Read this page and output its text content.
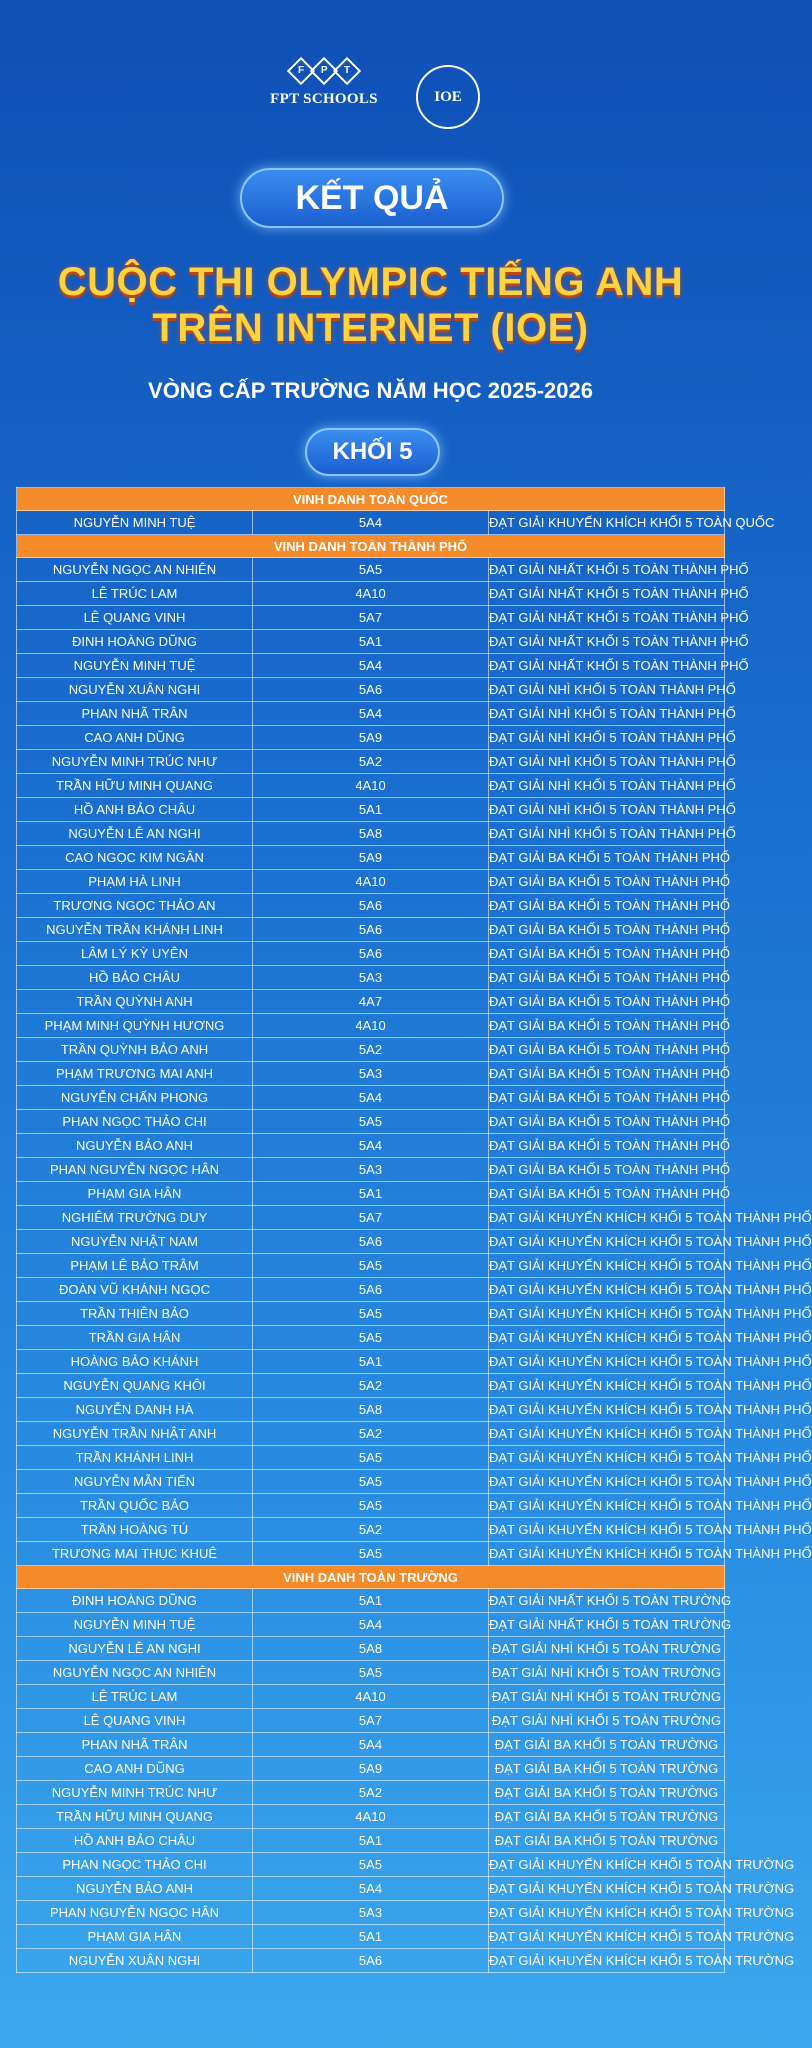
F	P	T
FPT SCHOOLS	IOE
KẾT QUẢ
CUỘC THI OLYMPIC TIẾNG ANH
TRÊN INTERNET (IOE)
VÒNG CẤP TRƯỜNG NĂM HỌC 2025-2026
KHỐI 5
VINH DANH TOÀN QUỐC		
NGUYỄN MINH TUỆ	5A4	ĐẠT GIẢI KHUYẾN KHÍCH KHỐI 5 TOÀN QUỐC
VINH DANH TOÀN THÀNH PHỐ		
NGUYỄN NGỌC AN NHIÊN	5A5	ĐẠT GIẢI NHẤT KHỐI 5 TOÀN THÀNH PHỐ
LÊ TRÚC LAM	4A10	ĐẠT GIẢI NHẤT KHỐI 5 TOÀN THÀNH PHỐ
LÊ QUANG VINH	5A7	ĐẠT GIẢI NHẤT KHỐI 5 TOÀN THÀNH PHỐ
ĐINH HOÀNG DŨNG	5A1	ĐẠT GIẢI NHẤT KHỐI 5 TOÀN THÀNH PHỐ
NGUYỄN MINH TUỆ	5A4	ĐẠT GIẢI NHẤT KHỐI 5 TOÀN THÀNH PHỐ
NGUYỄN XUÂN NGHI	5A6	ĐẠT GIẢI NHÌ KHỐI 5 TOÀN THÀNH PHỐ
PHAN NHÃ TRÂN	5A4	ĐẠT GIẢI NHÌ KHỐI 5 TOÀN THÀNH PHỐ
CAO ANH DŨNG	5A9	ĐẠT GIẢI NHÌ KHỐI 5 TOÀN THÀNH PHỐ
NGUYỄN MINH TRÚC NHƯ	5A2	ĐẠT GIẢI NHÌ KHỐI 5 TOÀN THÀNH PHỐ
TRẦN HỮU MINH QUANG	4A10	ĐẠT GIẢI NHÌ KHỐI 5 TOÀN THÀNH PHỐ
HỒ ANH BẢO CHÂU	5A1	ĐẠT GIẢI NHÌ KHỐI 5 TOÀN THÀNH PHỐ
NGUYỄN LÊ AN NGHI	5A8	ĐẠT GIẢI NHÌ KHỐI 5 TOÀN THÀNH PHỐ
CAO NGỌC KIM NGÂN	5A9	ĐẠT GIẢI BA KHỐI 5 TOÀN THÀNH PHỐ
PHẠM HÀ LINH	4A10	ĐẠT GIẢI BA KHỐI 5 TOÀN THÀNH PHỐ
TRƯƠNG NGỌC THẢO AN	5A6	ĐẠT GIẢI BA KHỐI 5 TOÀN THÀNH PHỐ
NGUYỄN TRẦN KHÁNH LINH	5A6	ĐẠT GIẢI BA KHỐI 5 TOÀN THÀNH PHỐ
LÂM LÝ KỲ UYÊN	5A6	ĐẠT GIẢI BA KHỐI 5 TOÀN THÀNH PHỐ
HỒ BẢO CHÂU	5A3	ĐẠT GIẢI BA KHỐI 5 TOÀN THÀNH PHỐ
TRẦN QUỲNH ANH	4A7	ĐẠT GIẢI BA KHỐI 5 TOÀN THÀNH PHỐ
PHẠM MINH QUỲNH HƯƠNG	4A10	ĐẠT GIẢI BA KHỐI 5 TOÀN THÀNH PHỐ
TRẦN QUỲNH BẢO ANH	5A2	ĐẠT GIẢI BA KHỐI 5 TOÀN THÀNH PHỐ
PHẠM TRƯƠNG MAI ANH	5A3	ĐẠT GIẢI BA KHỐI 5 TOÀN THÀNH PHỐ
NGUYỄN CHẤN PHONG	5A4	ĐẠT GIẢI BA KHỐI 5 TOÀN THÀNH PHỐ
PHAN NGỌC THẢO CHI	5A5	ĐẠT GIẢI BA KHỐI 5 TOÀN THÀNH PHỐ
NGUYỄN BẢO ANH	5A4	ĐẠT GIẢI BA KHỐI 5 TOÀN THÀNH PHỐ
PHAN NGUYỄN NGỌC HÂN	5A3	ĐẠT GIẢI BA KHỐI 5 TOÀN THÀNH PHỐ
PHẠM GIA HÂN	5A1	ĐẠT GIẢI BA KHỐI 5 TOÀN THÀNH PHỐ
NGHIÊM TRƯỜNG DUY	5A7	ĐẠT GIẢI KHUYẾN KHÍCH KHỐI 5 TOÀN THÀNH PHỐ
NGUYỄN NHẬT NAM	5A6	ĐẠT GIẢI KHUYẾN KHÍCH KHỐI 5 TOÀN THÀNH PHỐ
PHẠM LÊ BẢO TRÂM	5A5	ĐẠT GIẢI KHUYẾN KHÍCH KHỐI 5 TOÀN THÀNH PHỐ
ĐOÀN VŨ KHÁNH NGỌC	5A6	ĐẠT GIẢI KHUYẾN KHÍCH KHỐI 5 TOÀN THÀNH PHỐ
TRẦN THIÊN BẢO	5A5	ĐẠT GIẢI KHUYẾN KHÍCH KHỐI 5 TOÀN THÀNH PHỐ
TRẦN GIA HÂN	5A5	ĐẠT GIẢI KHUYẾN KHÍCH KHỐI 5 TOÀN THÀNH PHỐ
HOÀNG BẢO KHÁNH	5A1	ĐẠT GIẢI KHUYẾN KHÍCH KHỐI 5 TOÀN THÀNH PHỐ
NGUYỄN QUANG KHÔI	5A2	ĐẠT GIẢI KHUYẾN KHÍCH KHỐI 5 TOÀN THÀNH PHỐ
NGUYỄN DANH HÀ	5A8	ĐẠT GIẢI KHUYẾN KHÍCH KHỐI 5 TOÀN THÀNH PHỐ
NGUYỄN TRẦN NHẬT ANH	5A2	ĐẠT GIẢI KHUYẾN KHÍCH KHỐI 5 TOÀN THÀNH PHỐ
TRẦN KHÁNH LINH	5A5	ĐẠT GIẢI KHUYẾN KHÍCH KHỐI 5 TOÀN THÀNH PHỐ
NGUYỄN MẪN TIẾN	5A5	ĐẠT GIẢI KHUYẾN KHÍCH KHỐI 5 TOÀN THÀNH PHỐ
TRẦN QUỐC BẢO	5A5	ĐẠT GIẢI KHUYẾN KHÍCH KHỐI 5 TOÀN THÀNH PHỐ
TRẦN HOÀNG TÚ	5A2	ĐẠT GIẢI KHUYẾN KHÍCH KHỐI 5 TOÀN THÀNH PHỐ
TRƯƠNG MAI THỤC KHUÊ	5A5	ĐẠT GIẢI KHUYẾN KHÍCH KHỐI 5 TOÀN THÀNH PHỐ
VINH DANH TOÀN TRƯỜNG		
ĐINH HOÀNG DŨNG	5A1	ĐẠT GIẢI NHẤT KHỐI 5 TOÀN TRƯỜNG
NGUYỄN MINH TUỆ	5A4	ĐẠT GIẢI NHẤT KHỐI 5 TOÀN TRƯỜNG
NGUYỄN LÊ AN NGHI	5A8	ĐẠT GIẢI NHÌ KHỐI 5 TOÀN TRƯỜNG
NGUYỄN NGỌC AN NHIÊN	5A5	ĐẠT GIẢI NHÌ KHỐI 5 TOÀN TRƯỜNG
LÊ TRÚC LAM	4A10	ĐẠT GIẢI NHÌ KHỐI 5 TOÀN TRƯỜNG
LÊ QUANG VINH	5A7	ĐẠT GIẢI NHÌ KHỐI 5 TOÀN TRƯỜNG
PHAN NHÃ TRÂN	5A4	ĐẠT GIẢI BA KHỐI 5 TOÀN TRƯỜNG
CAO ANH DŨNG	5A9	ĐẠT GIẢI BA KHỐI 5 TOÀN TRƯỜNG
NGUYỄN MINH TRÚC NHƯ	5A2	ĐẠT GIẢI BA KHỐI 5 TOÀN TRƯỜNG
TRẦN HỮU MINH QUANG	4A10	ĐẠT GIẢI BA KHỐI 5 TOÀN TRƯỜNG
HỒ ANH BẢO CHÂU	5A1	ĐẠT GIẢI BA KHỐI 5 TOÀN TRƯỜNG
PHAN NGỌC THẢO CHI	5A5	ĐẠT GIẢI KHUYẾN KHÍCH KHỐI 5 TOÀN TRƯỜNG
NGUYỄN BẢO ANH	5A4	ĐẠT GIẢI KHUYẾN KHÍCH KHỐI 5 TOÀN TRƯỜNG
PHAN NGUYỄN NGỌC HÂN	5A3	ĐẠT GIẢI KHUYẾN KHÍCH KHỐI 5 TOÀN TRƯỜNG
PHẠM GIA HÂN	5A1	ĐẠT GIẢI KHUYẾN KHÍCH KHỐI 5 TOÀN TRƯỜNG
NGUYỄN XUÂN NGHI	5A6	ĐẠT GIẢI KHUYẾN KHÍCH KHỐI 5 TOÀN TRƯỜNG
